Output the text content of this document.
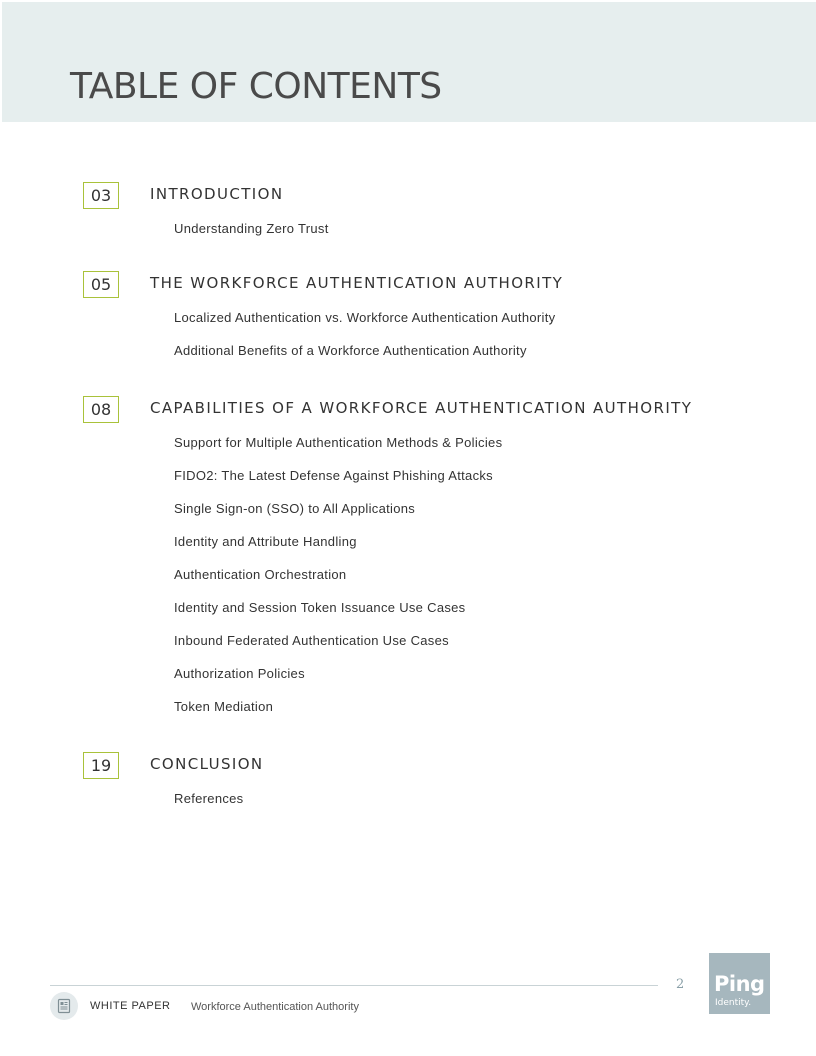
TABLE OF CONTENTS
03	INTRODUCTION
Understanding Zero Trust
05	THE WORKFORCE AUTHENTICATION AUTHORITY
Localized Authentication vs. Workforce Authentication Authority
Additional Benefits of a Workforce Authentication Authority
08	CAPABILITIES OF A WORKFORCE AUTHENTICATION AUTHORITY
Support for Multiple Authentication Methods & Policies
FIDO2: The Latest Defense Against Phishing Attacks
Single Sign-on (SSO) to All Applications
Identity and Attribute Handling
Authentication Orchestration
Identity and Session Token Issuance Use Cases
Inbound Federated Authentication Use Cases
Authorization Policies
Token Mediation
19	CONCLUSION
References
2 Ping
Identity.
WHITE PAPER Workforce Authentication Authority
